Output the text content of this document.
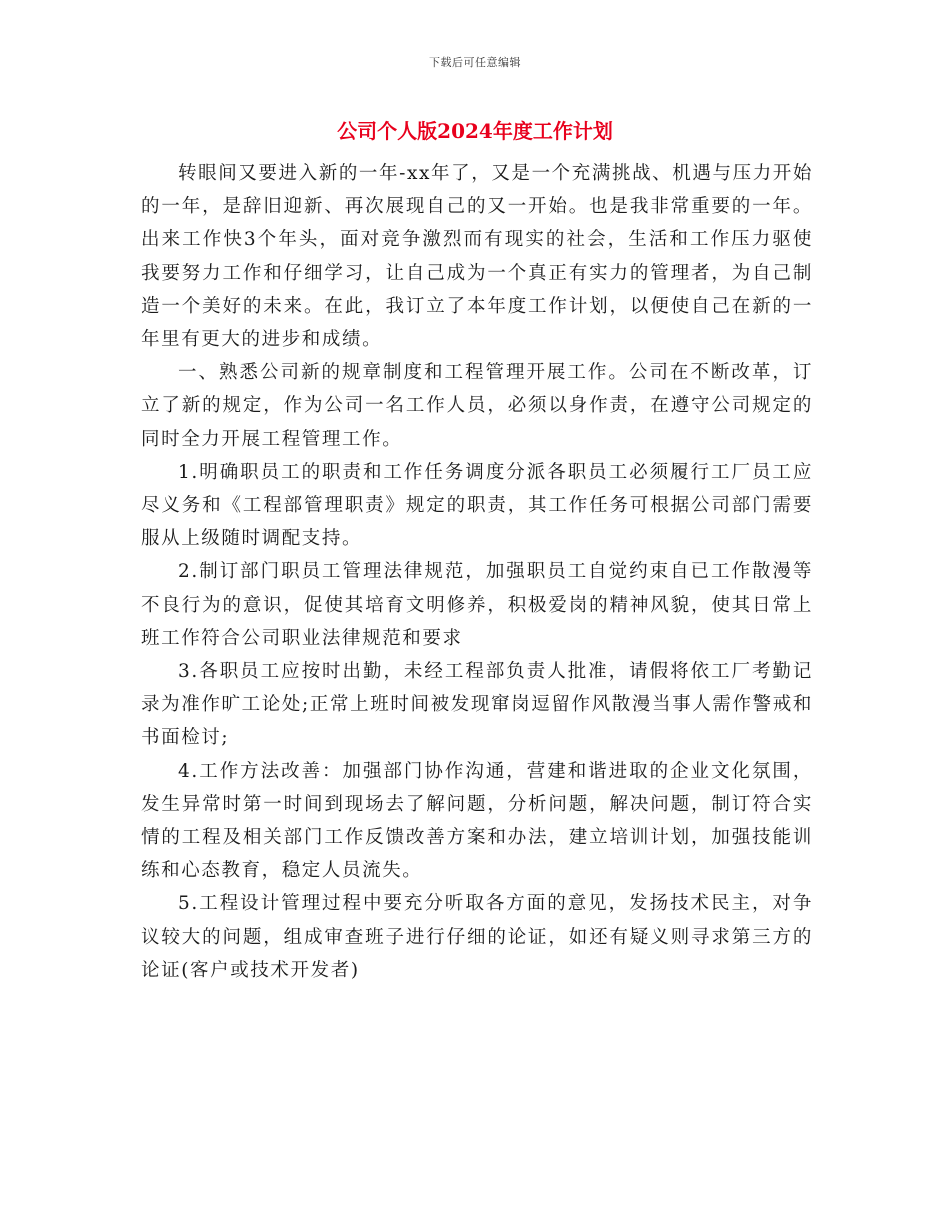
下载后可任意编辑
公司个人版2024年度工作计划

转眼间又要进入新的一年-xx年了，又是一个充满挑战、机遇与压力开始的一年，是辞旧迎新、再次展现自己的又一开始。也是我非常重要的一年。出来工作快3个年头，面对竞争激烈而有现实的社会，生活和工作压力驱使我要努力工作和仔细学习，让自己成为一个真正有实力的管理者，为自己制造一个美好的未来。在此，我订立了本年度工作计划，以便使自己在新的一年里有更大的进步和成绩。

一、熟悉公司新的规章制度和工程管理开展工作。公司在不断改革，订立了新的规定，作为公司一名工作人员，必须以身作责，在遵守公司规定的同时全力开展工程管理工作。

1.明确职员工的职责和工作任务调度分派各职员工必须履行工厂员工应尽义务和《工程部管理职责》规定的职责，其工作任务可根据公司部门需要服从上级随时调配支持。

2.制订部门职员工管理法律规范，加强职员工自觉约束自已工作散漫等不良行为的意识，促使其培育文明修养，积极爱岗的精神风貌，使其日常上班工作符合公司职业法律规范和要求

3.各职员工应按时出勤，未经工程部负责人批准，请假将依工厂考勤记录为准作旷工论处;正常上班时间被发现窜岗逗留作风散漫当事人需作警戒和书面检讨;

4.工作方法改善：加强部门协作沟通，营建和谐进取的企业文化氛围，发生异常时第一时间到现场去了解问题，分析问题，解决问题，制订符合实情的工程及相关部门工作反馈改善方案和办法，建立培训计划，加强技能训练和心态教育，稳定人员流失。

5.工程设计管理过程中要充分听取各方面的意见，发扬技术民主，对争议较大的问题，组成审查班子进行仔细的论证，如还有疑义则寻求第三方的论证(客户或技术开发者)
